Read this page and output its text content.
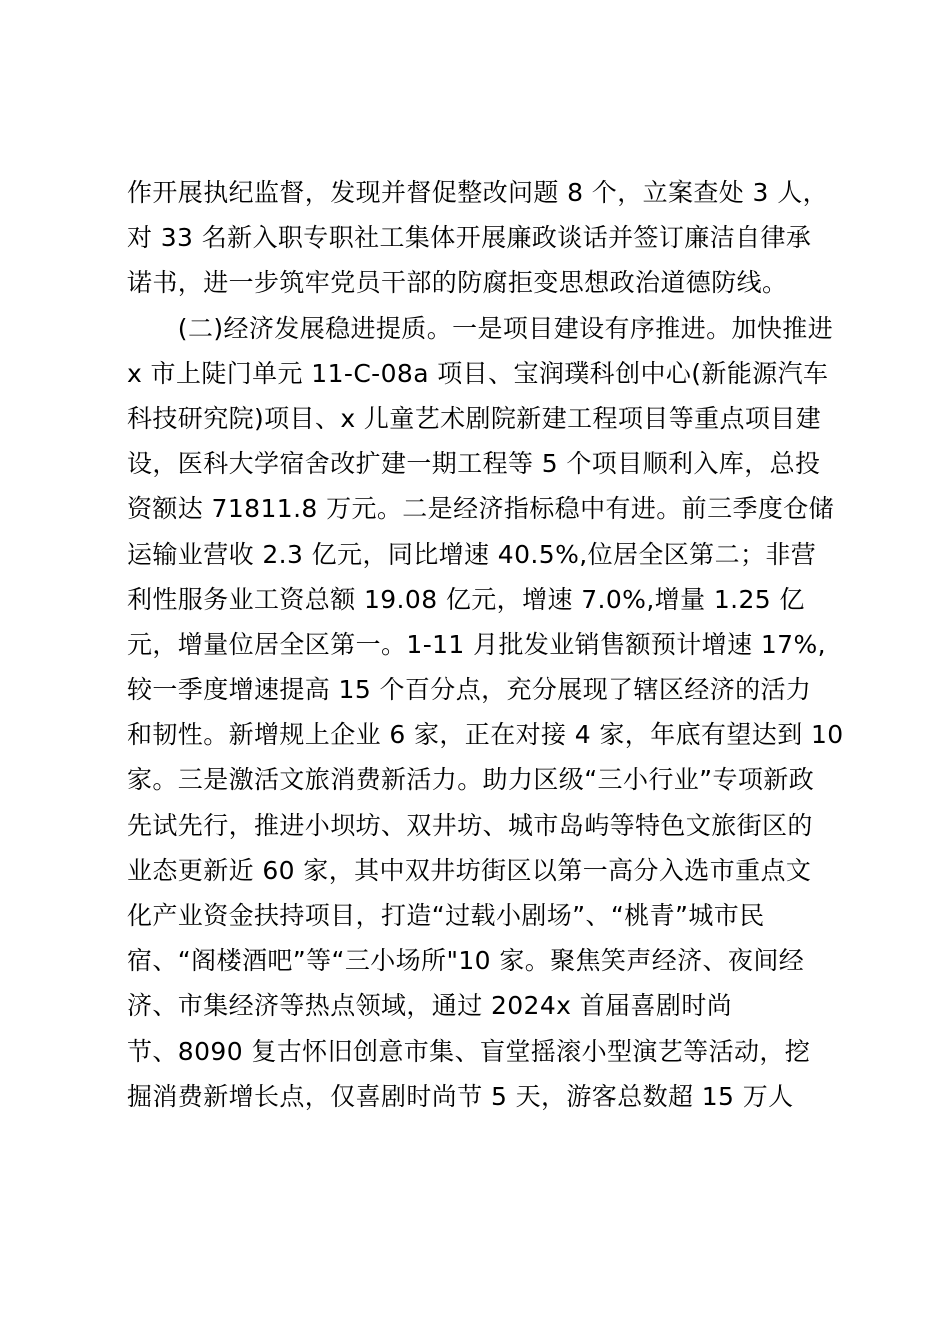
作开展执纪监督，发现并督促整改问题 8 个，立案查处 3 人，
对 33 名新入职专职社工集体开展廉政谈话并签订廉洁自律承
诺书，进一步筑牢党员干部的防腐拒变思想政治道德防线。
　　(二)经济发展稳进提质。一是项目建设有序推进。加快推进
x 市上陡门单元 11-C-08a 项目、宝润璞科创中心(新能源汽车
科技研究院)项目、x 儿童艺术剧院新建工程项目等重点项目建
设，医科大学宿舍改扩建一期工程等 5 个项目顺利入库，总投
资额达 71811.8 万元。二是经济指标稳中有进。前三季度仓储
运输业营收 2.3 亿元，同比增速 40.5%,位居全区第二；非营
利性服务业工资总额 19.08 亿元，增速 7.0%,增量 1.25 亿
元，增量位居全区第一。1-11 月批发业销售额预计增速 17%,
较一季度增速提高 15 个百分点，充分展现了辖区经济的活力
和韧性。新增规上企业 6 家，正在对接 4 家，年底有望达到 10
家。三是激活文旅消费新活力。助力区级“三小行业”专项新政
先试先行，推进小坝坊、双井坊、城市岛屿等特色文旅街区的
业态更新近 60 家，其中双井坊街区以第一高分入选市重点文
化产业资金扶持项目，打造“过载小剧场”、“桃青”城市民
宿、“阁楼酒吧”等“三小场所"10 家。聚焦笑声经济、夜间经
济、市集经济等热点领域，通过 2024x 首届喜剧时尚
节、8090 复古怀旧创意市集、盲堂摇滚小型演艺等活动，挖
掘消费新增长点，仅喜剧时尚节 5 天，游客总数超 15 万人
